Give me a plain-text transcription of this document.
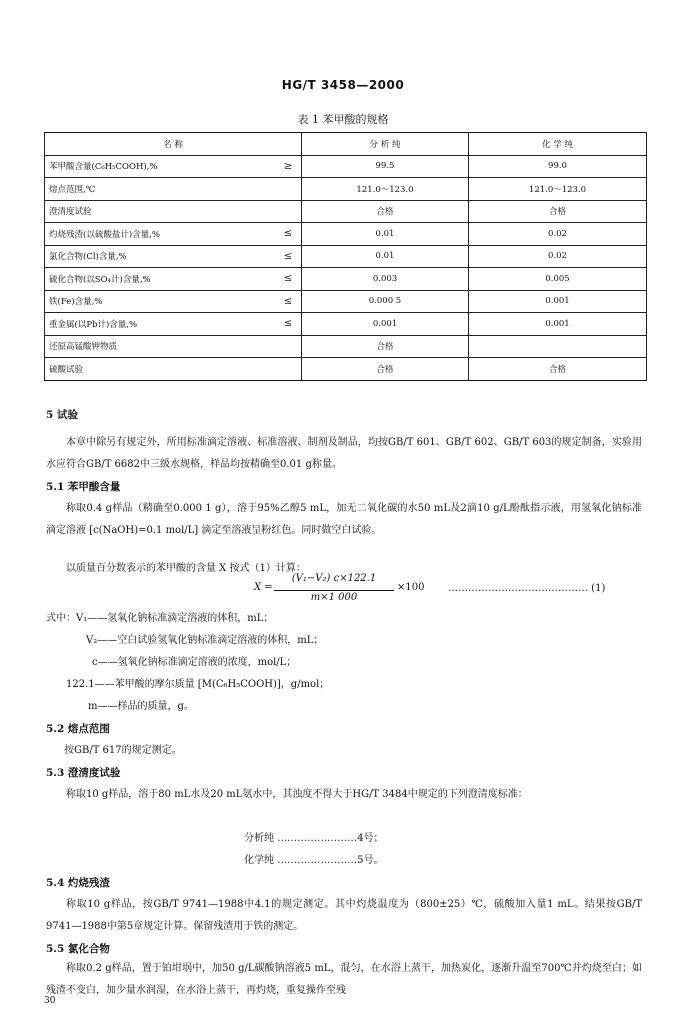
HG/T 3458—2000
表 1 苯甲酸的规格
名 称		分 析 纯	化 学 纯
苯甲酸含量(C₆H₅COOH),%	≥	99.5	99.0
熔点范围,℃		121.0～123.0	121.0～123.0
澄清度试验		合格	合格
灼烧残渣(以硫酸盐计)含量,%	≤	0.01	0.02
氯化合物(Cl)含量,%	≤	0.01	0.02
硫化合物(以SO₄计)含量,%	≤	0.003	0.005
铁(Fe)含量,%	≤	0.000 5	0.001
重金属(以Pb计)含量,%	≤	0.001	0.001
还原高锰酸钾物质		合格	
硫酸试验		合格	合格

5 试验

本章中除另有规定外，所用标准滴定溶液、标准溶液、制剂及制品，均按GB/T 601、GB/T 602、GB/T 603的规定制备，实验用水应符合GB/T 6682中三级水规格，样品均按精确至0.01 g称量。

5.1 苯甲酸含量

称取0.4 g样品（精确至0.000 1 g），溶于95%乙醇5 mL，加无二氧化碳的水50 mL及2滴10 g/L酚酞指示液，用氢氧化钠标准滴定溶液 [c(NaOH)=0.1 mol/L] 滴定至溶液呈粉红色。同时做空白试验。

以质量百分数表示的苯甲酸的含量 X 按式（1）计算：

X =
(V₁−V₂) c×122.1
m×1 000
×100 …………………………………… (1)

式中：V₁——氢氧化钠标准滴定溶液的体积，mL；

V₂——空白试验氢氧化钠标准滴定溶液的体积，mL；

c——氢氧化钠标准滴定溶液的浓度，mol/L；

122.1——苯甲酸的摩尔质量 [M(C₆H₅COOH)]，g/mol；

m——样品的质量，g。

5.2 熔点范围

按GB/T 617的规定测定。

5.3 澄清度试验

称取10 g样品，溶于80 mL水及20 mL氨水中，其浊度不得大于HG/T 3484中规定的下列澄清度标准：

分析纯 ……………………4号；

化学纯 ……………………5号。

5.4 灼烧残渣

称取10 g样品，按GB/T 9741—1988中4.1的规定测定。其中灼烧温度为（800±25）℃，硫酸加入量1 mL。结果按GB/T 9741—1988中第5章规定计算。保留残渣用于铁的测定。

5.5 氯化合物

称取0.2 g样品，置于铂坩埚中，加50 g/L碳酸钠溶液5 mL，混匀，在水浴上蒸干，加热炭化，逐渐升温至700℃并灼烧至白；如残渣不变白，加少量水润湿，在水浴上蒸干，再灼烧，重复操作至残

30
